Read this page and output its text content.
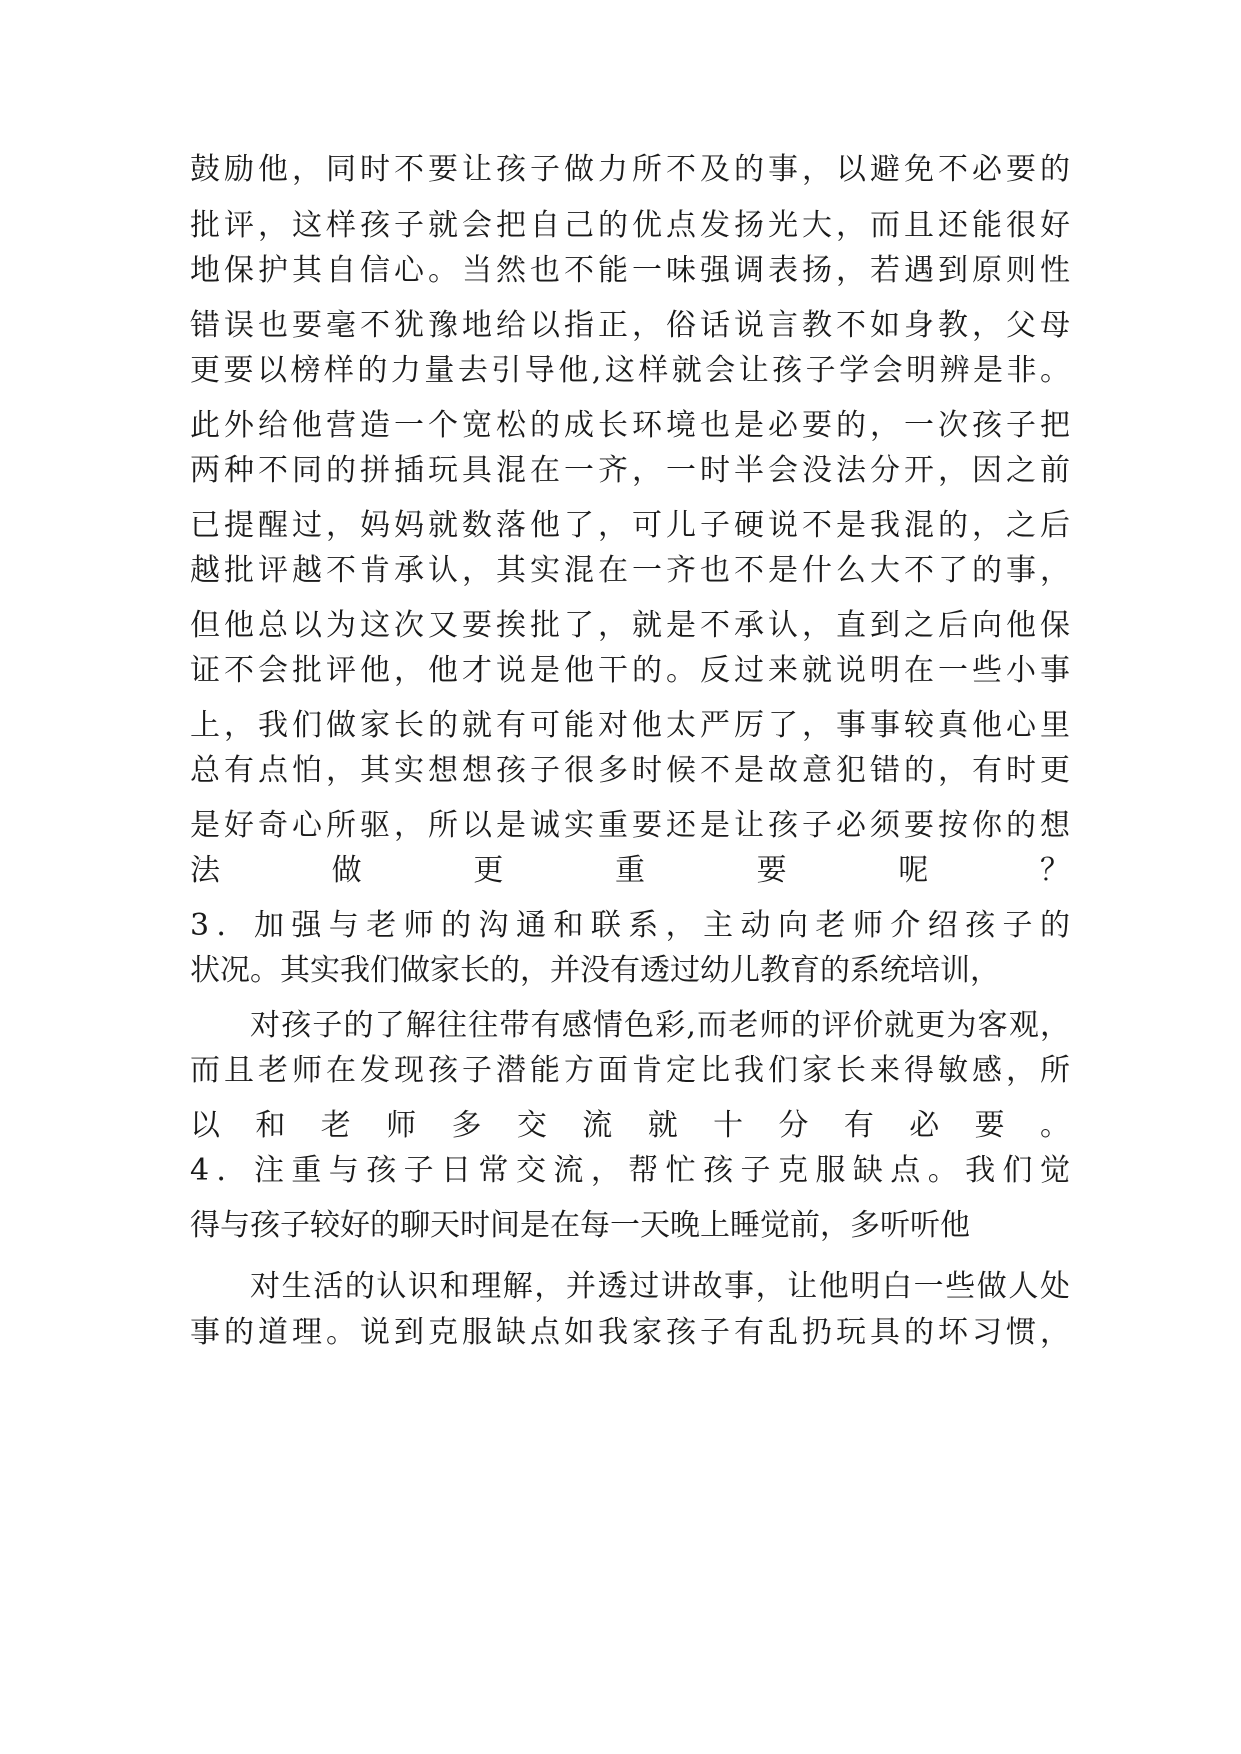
鼓励他，同时不要让孩子做力所不及的事，以避免不必要的

批评，这样孩子就会把自己的优点发扬光大，而且还能很好

地保护其自信心。当然也不能一味强调表扬，若遇到原则性

错误也要毫不犹豫地给以指正，俗话说言教不如身教，父母

更要以榜样的力量去引导他,这样就会让孩子学会明辨是非。

此外给他营造一个宽松的成长环境也是必要的，一次孩子把

两种不同的拼插玩具混在一齐，一时半会没法分开，因之前

已提醒过，妈妈就数落他了，可儿子硬说不是我混的，之后

越批评越不肯承认，其实混在一齐也不是什么大不了的事，

但他总以为这次又要挨批了，就是不承认，直到之后向他保

证不会批评他，他才说是他干的。反过来就说明在一些小事

上，我们做家长的就有可能对他太严厉了，事事较真他心里

总有点怕，其实想想孩子很多时候不是故意犯错的，有时更

是好奇心所驱，所以是诚实重要还是让孩子必须要按你的想

法做更重要呢？

3．加强与老师的沟通和联系，主动向老师介绍孩子的

状况。其实我们做家长的，并没有透过幼儿教育的系统培训，

对孩子的了解往往带有感情色彩,而老师的评价就更为客观，

而且老师在发现孩子潜能方面肯定比我们家长来得敏感，所

以和老师多交流就十分有必要。

4．注重与孩子日常交流，帮忙孩子克服缺点。我们觉

得与孩子较好的聊天时间是在每一天晚上睡觉前，多听听他

对生活的认识和理解，并透过讲故事，让他明白一些做人处

事的道理。说到克服缺点如我家孩子有乱扔玩具的坏习惯，
